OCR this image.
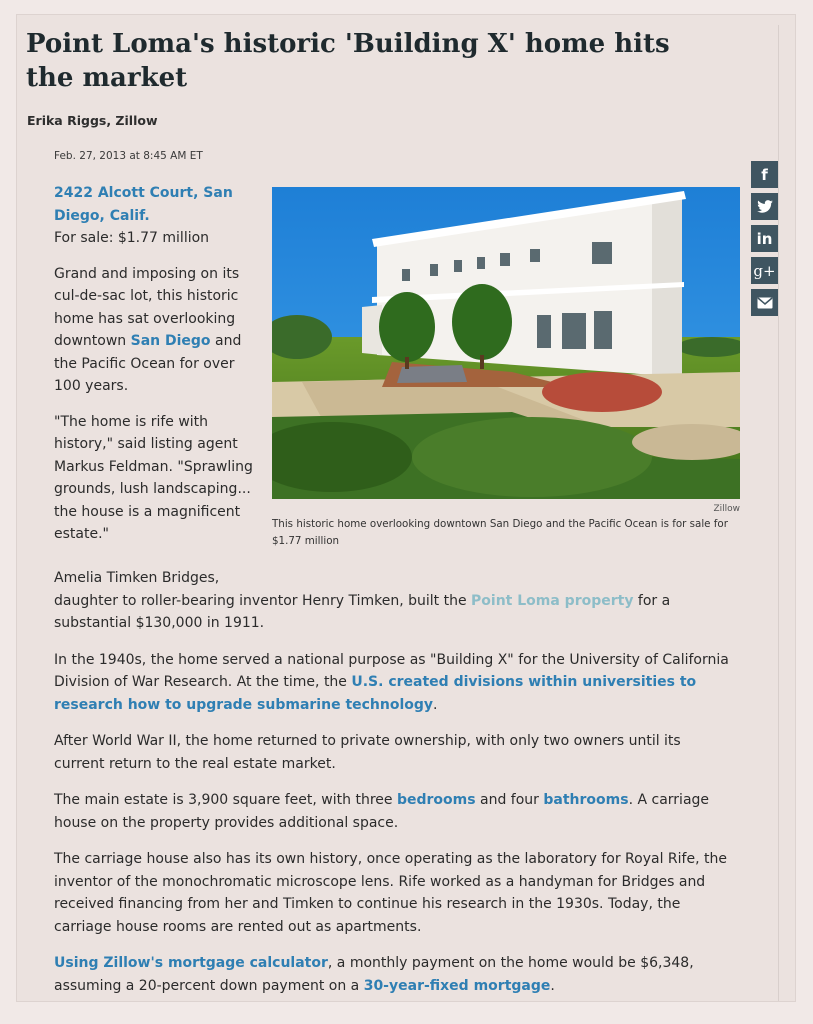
Point Loma's historic 'Building X' home hits the market

Erika Riggs, Zillow

Feb. 27, 2013 at 8:45 AM ET

f
in
g+

2422 Alcott Court, San Diego, Calif.
For sale: $1.77 million

Grand and imposing on its cul-de-sac lot, this historic home has sat overlooking downtown San Diego and the Pacific Ocean for over 100 years.

"The home is rife with history," said listing agent Markus Feldman. "Sprawling grounds, lush landscaping... the house is a magnificent estate."

Zillow
This historic home overlooking downtown San Diego and the Pacific Ocean is for sale for $1.77 million

Amelia Timken Bridges,
daughter to roller-bearing inventor Henry Timken, built the Point Loma property for a substantial $130,000 in 1911.

In the 1940s, the home served a national purpose as "Building X" for the University of California Division of War Research. At the time, the U.S. created divisions within universities to research how to upgrade submarine technology.

After World War II, the home returned to private ownership, with only two owners until its current return to the real estate market.

The main estate is 3,900 square feet, with three bedrooms and four bathrooms. A carriage house on the property provides additional space.

The carriage house also has its own history, once operating as the laboratory for Royal Rife, the inventor of the monochromatic microscope lens. Rife worked as a handyman for Bridges and received financing from her and Timken to continue his research in the 1930s. Today, the carriage house rooms are rented out as apartments.

Using Zillow's mortgage calculator, a monthly payment on the home would be $6,348, assuming a 20-percent down payment on a 30-year-fixed mortgage.
